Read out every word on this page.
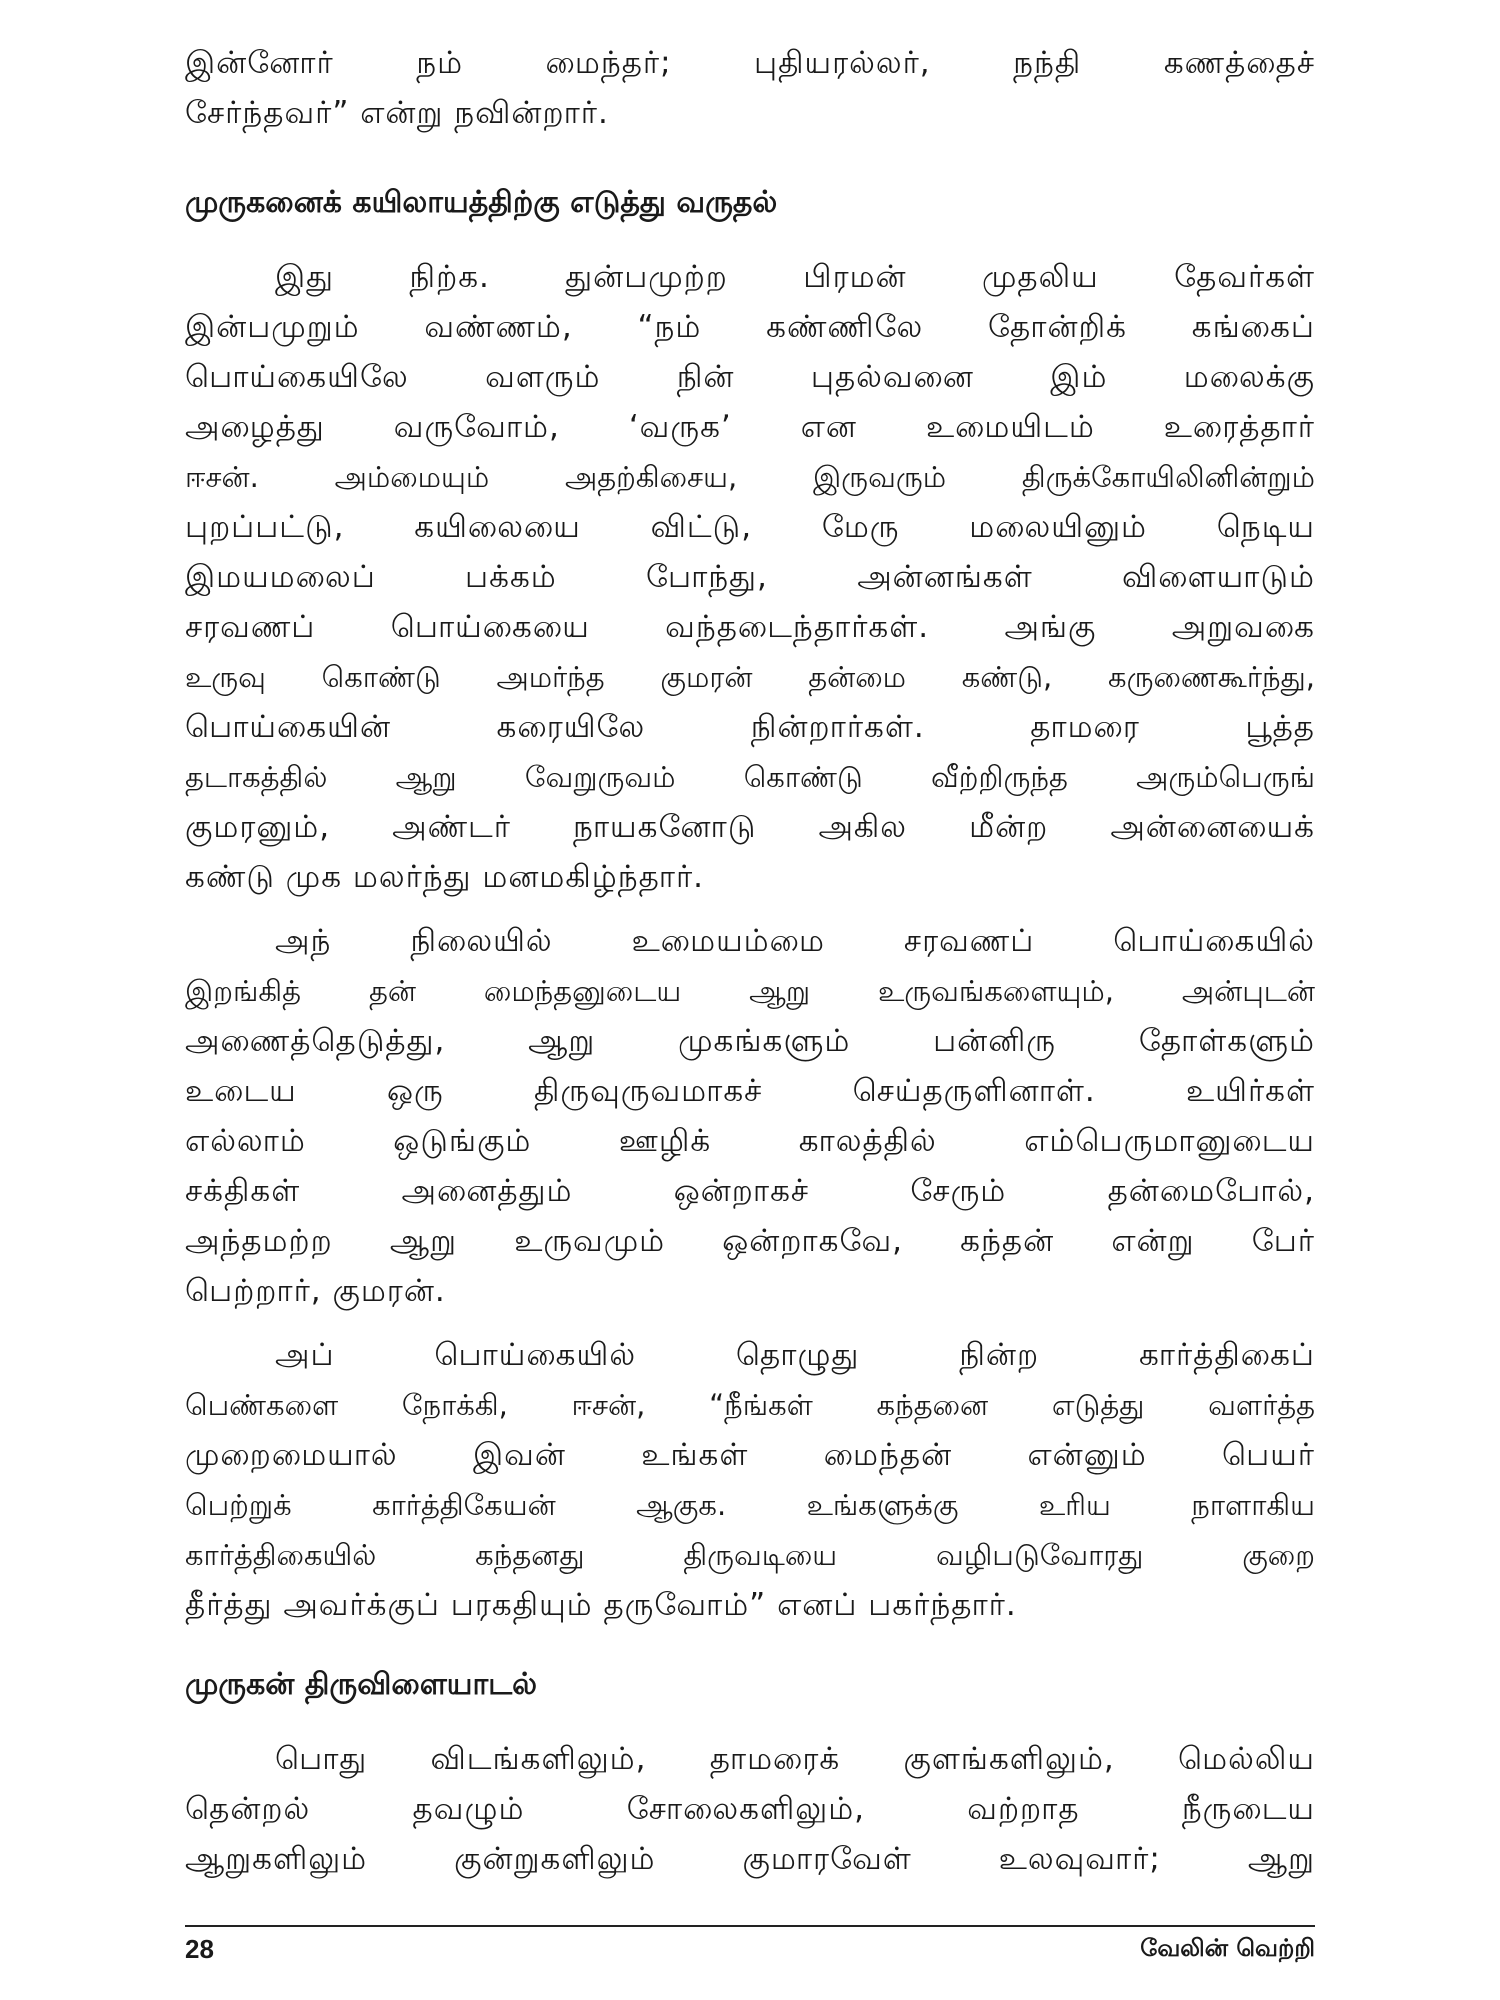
இன்னோர் நம் மைந்தர்; புதியரல்லர், நந்தி கணத்தைச்
சேர்ந்தவர்” என்று நவின்றார்.

முருகனைக் கயிலாயத்திற்கு எடுத்து வருதல்

இது நிற்க. துன்பமுற்ற பிரமன் முதலிய தேவர்கள்
இன்பமுறும் வண்ணம், “நம் கண்ணிலே தோன்றிக் கங்கைப்
பொய்கையிலே வளரும் நின் புதல்வனை இம் மலைக்கு
அழைத்து வருவோம், ‘வருக’ என உமையிடம் உரைத்தார்
ஈசன். அம்மையும் அதற்கிசைய, இருவரும் திருக்கோயிலினின்றும்
புறப்பட்டு, கயிலையை விட்டு, மேரு மலையினும் நெடிய
இமயமலைப் பக்கம் போந்து, அன்னங்கள் விளையாடும்
சரவணப் பொய்கையை வந்தடைந்தார்கள். அங்கு அறுவகை
உருவு கொண்டு அமர்ந்த குமரன் தன்மை கண்டு, கருணைகூர்ந்து,
பொய்கையின் கரையிலே நின்றார்கள். தாமரை பூத்த
தடாகத்தில் ஆறு வேறுருவம் கொண்டு வீற்றிருந்த அரும்பெருங்
குமரனும், அண்டர் நாயகனோடு அகில மீன்ற அன்னையைக்
கண்டு முக மலர்ந்து மனமகிழ்ந்தார்.

அந் நிலையில் உமையம்மை சரவணப் பொய்கையில்
இறங்கித் தன் மைந்தனுடைய ஆறு உருவங்களையும், அன்புடன்
அணைத்தெடுத்து, ஆறு முகங்களும் பன்னிரு தோள்களும்
உடைய ஒரு திருவுருவமாகச் செய்தருளினாள். உயிர்கள்
எல்லாம் ஒடுங்கும் ஊழிக் காலத்தில் எம்பெருமானுடைய
சக்திகள் அனைத்தும் ஒன்றாகச் சேரும் தன்மைபோல்,
அந்தமற்ற ஆறு உருவமும் ஒன்றாகவே, கந்தன் என்று பேர்
பெற்றார், குமரன்.

அப் பொய்கையில் தொழுது நின்ற கார்த்திகைப்
பெண்களை நோக்கி, ஈசன், “நீங்கள் கந்தனை எடுத்து வளர்த்த
முறைமையால் இவன் உங்கள் மைந்தன் என்னும் பெயர்
பெற்றுக் கார்த்திகேயன் ஆகுக. உங்களுக்கு உரிய நாளாகிய
கார்த்திகையில் கந்தனது திருவடியை வழிபடுவோரது குறை
தீர்த்து அவர்க்குப் பரகதியும் தருவோம்” எனப் பகர்ந்தார்.

முருகன் திருவிளையாடல்

பொது விடங்களிலும், தாமரைக் குளங்களிலும், மெல்லிய
தென்றல் தவழும் சோலைகளிலும், வற்றாத நீருடைய
ஆறுகளிலும் குன்றுகளிலும் குமாரவேள் உலவுவார்; ஆறு

28	வேலின் வெற்றி
